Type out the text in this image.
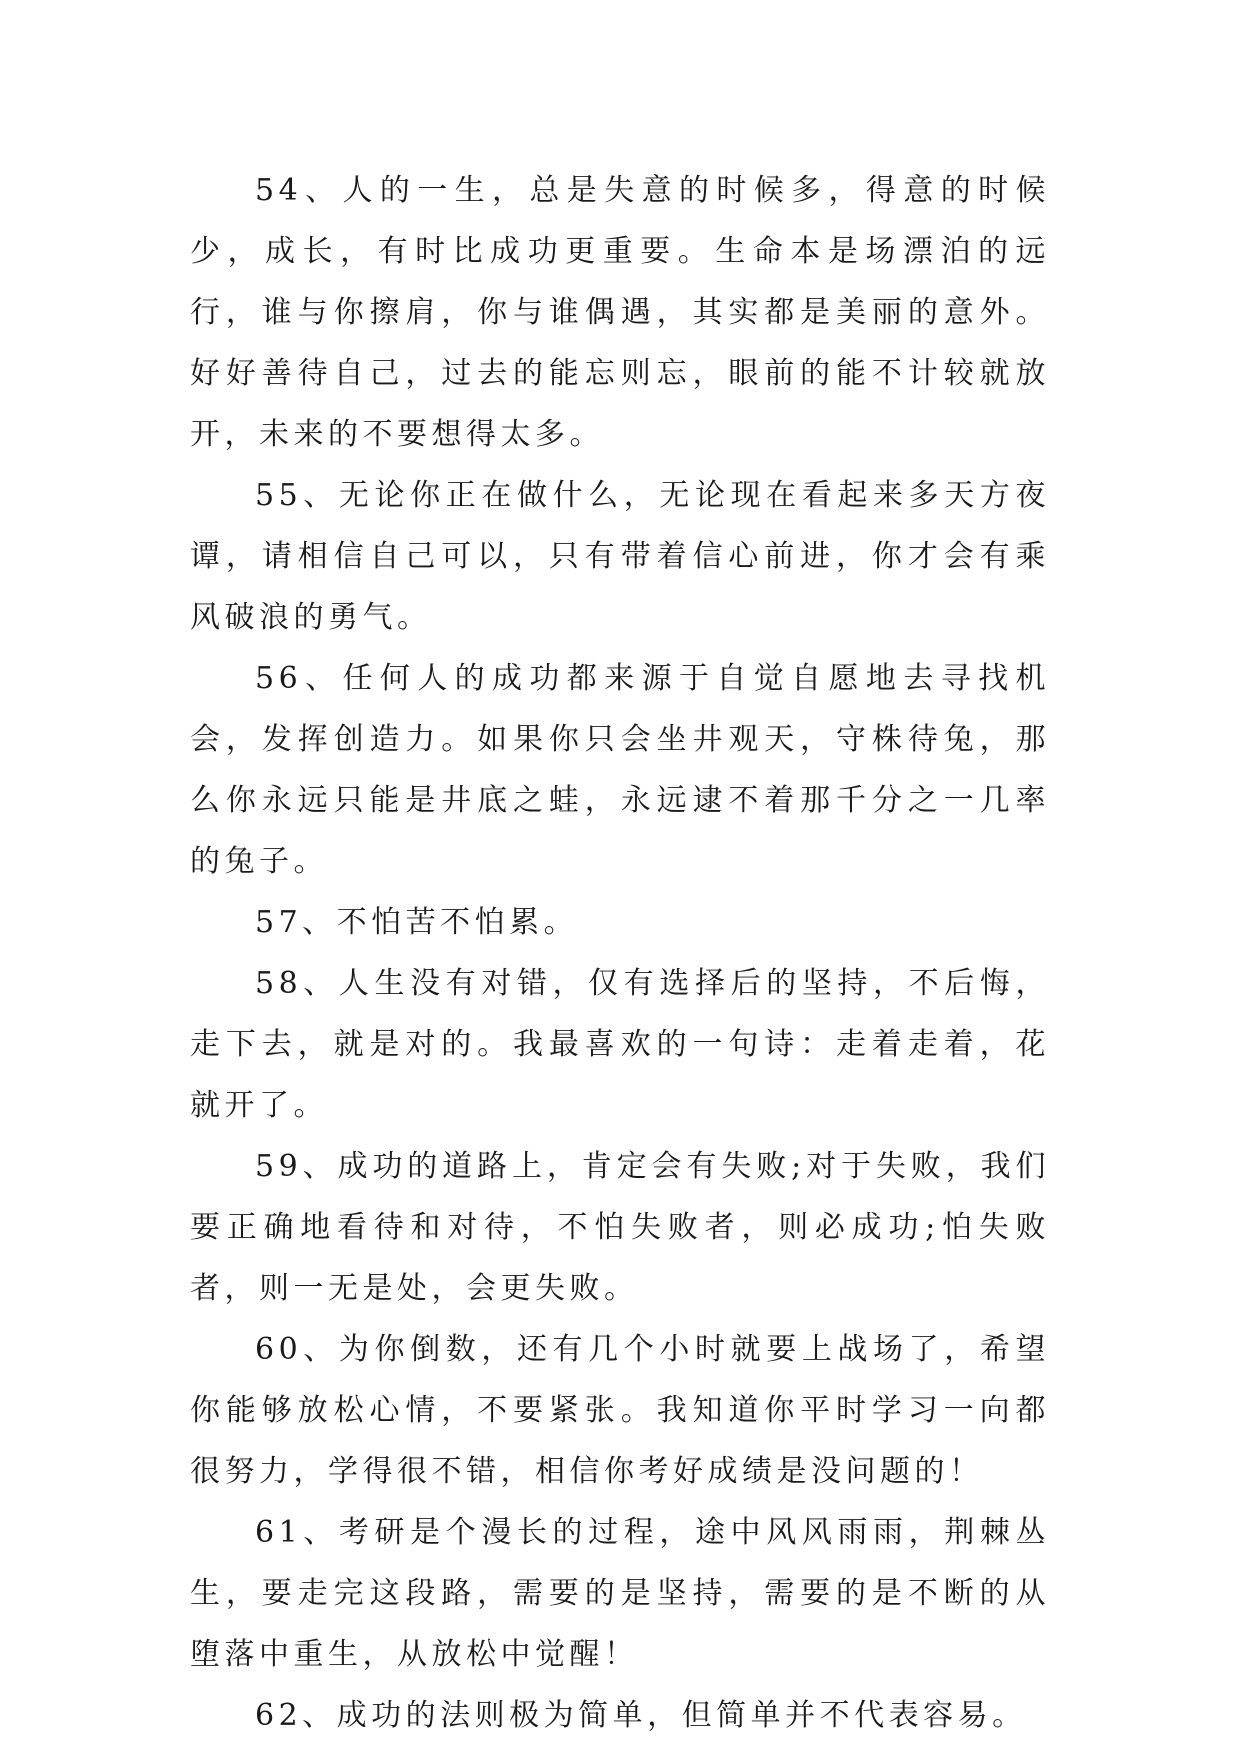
54、人的一生，总是失意的时候多，得意的时候少，成长，有时比成功更重要。生命本是场漂泊的远行，谁与你擦肩，你与谁偶遇，其实都是美丽的意外。好好善待自己，过去的能忘则忘，眼前的能不计较就放开，未来的不要想得太多。

55、无论你正在做什么，无论现在看起来多天方夜谭，请相信自己可以，只有带着信心前进，你才会有乘风破浪的勇气。

56、任何人的成功都来源于自觉自愿地去寻找机会，发挥创造力。如果你只会坐井观天，守株待兔，那么你永远只能是井底之蛙，永远逮不着那千分之一几率的兔子。

57、不怕苦不怕累。

58、人生没有对错，仅有选择后的坚持，不后悔，走下去，就是对的。我最喜欢的一句诗：走着走着，花就开了。

59、成功的道路上，肯定会有失败;对于失败，我们要正确地看待和对待，不怕失败者，则必成功;怕失败者，则一无是处，会更失败。

60、为你倒数，还有几个小时就要上战场了，希望你能够放松心情，不要紧张。我知道你平时学习一向都很努力，学得很不错，相信你考好成绩是没问题的！

61、考研是个漫长的过程，途中风风雨雨，荆棘丛生，要走完这段路，需要的是坚持，需要的是不断的从堕落中重生，从放松中觉醒！

62、成功的法则极为简单，但简单并不代表容易。
